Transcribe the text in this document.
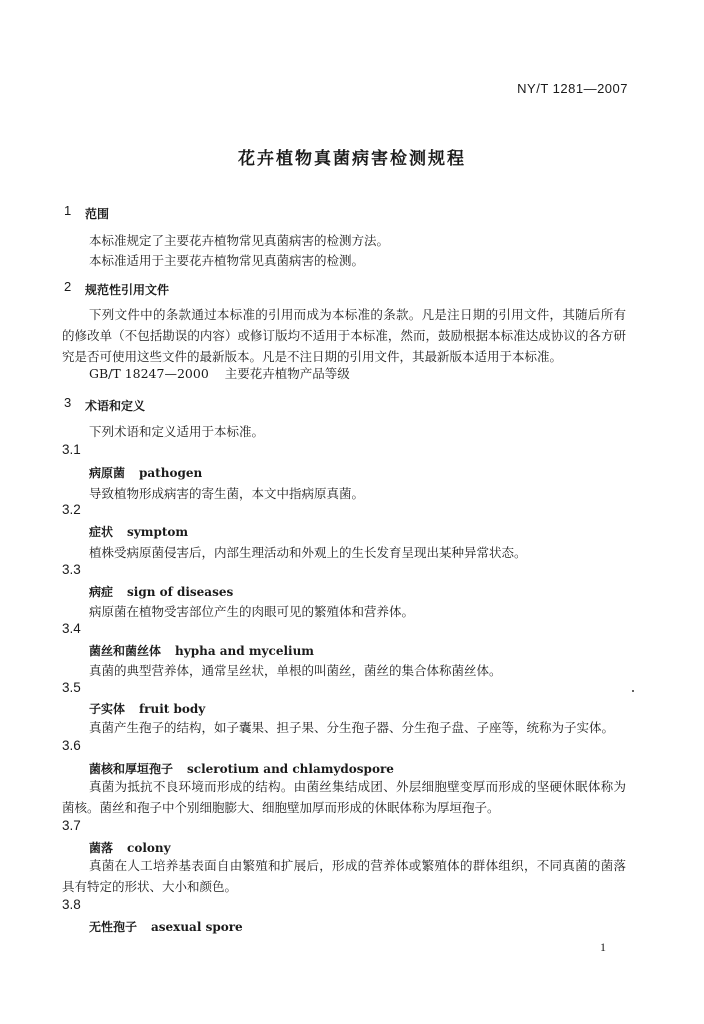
NY/T 1281—2007
花卉植物真菌病害检测规程
1 范围
本标准规定了主要花卉植物常见真菌病害的检测方法。
本标准适用于主要花卉植物常见真菌病害的检测。
2 规范性引用文件
下列文件中的条款通过本标准的引用而成为本标准的条款。凡是注日期的引用文件，其随后所有的修改单（不包括勘误的内容）或修订版均不适用于本标准，然而，鼓励根据本标准达成协议的各方研究是否可使用这些文件的最新版本。凡是不注日期的引用文件，其最新版本适用于本标准。
GB/T 18247—2000 主要花卉植物产品等级
3 术语和定义
下列术语和定义适用于本标准。
3.1
病原菌 pathogen
导致植物形成病害的寄生菌，本文中指病原真菌。
3.2
症状 symptom
植株受病原菌侵害后，内部生理活动和外观上的生长发育呈现出某种异常状态。
3.3
病症 sign of diseases
病原菌在植物受害部位产生的肉眼可见的繁殖体和营养体。
3.4
菌丝和菌丝体 hypha and mycelium
真菌的典型营养体，通常呈丝状，单根的叫菌丝，菌丝的集合体称菌丝体。
3.5
子实体 fruit body
真菌产生孢子的结构，如子囊果、担子果、分生孢子器、分生孢子盘、子座等，统称为子实体。
3.6
菌核和厚垣孢子 sclerotium and chlamydospore
真菌为抵抗不良环境而形成的结构。由菌丝集结成团、外层细胞壁变厚而形成的坚硬休眠体称为菌核。菌丝和孢子中个别细胞膨大、细胞壁加厚而形成的休眠体称为厚垣孢子。
3.7
菌落 colony
真菌在人工培养基表面自由繁殖和扩展后，形成的营养体或繁殖体的群体组织，不同真菌的菌落具有特定的形状、大小和颜色。
3.8
无性孢子 asexual spore
1
